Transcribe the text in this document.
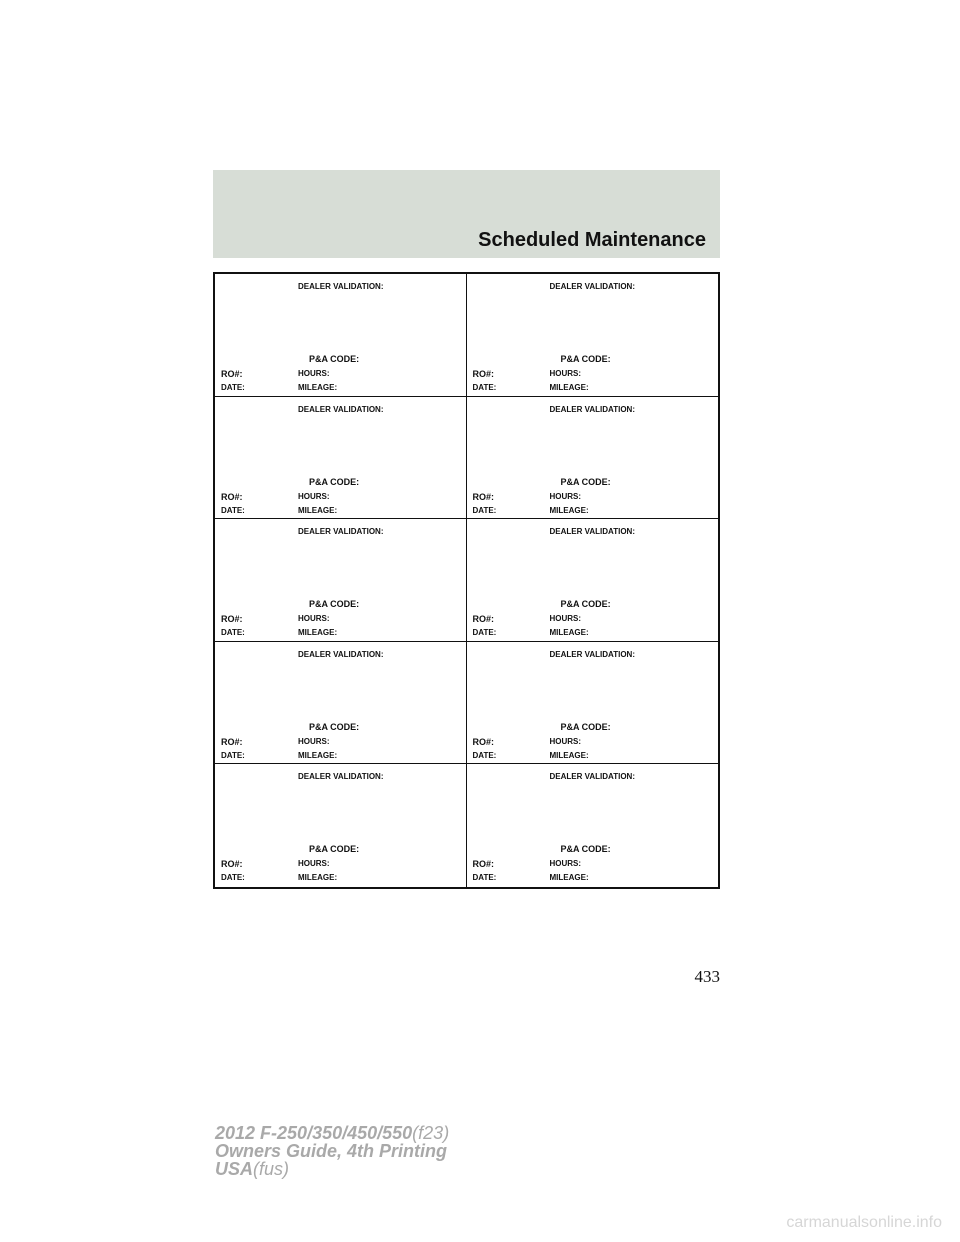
Scheduled Maintenance
DEALER VALIDATION:
P&A CODE:
RO#:	HOURS:
DATE:	MILEAGE:
DEALER VALIDATION:
P&A CODE:
RO#:	HOURS:
DATE:	MILEAGE:
DEALER VALIDATION:
P&A CODE:
RO#:	HOURS:
DATE:	MILEAGE:
DEALER VALIDATION:
P&A CODE:
RO#:	HOURS:
DATE:	MILEAGE:
DEALER VALIDATION:
P&A CODE:
RO#:	HOURS:
DATE:	MILEAGE:
DEALER VALIDATION:
P&A CODE:
RO#:	HOURS:
DATE:	MILEAGE:
DEALER VALIDATION:
P&A CODE:
RO#:	HOURS:
DATE:	MILEAGE:
DEALER VALIDATION:
P&A CODE:
RO#:	HOURS:
DATE:	MILEAGE:
DEALER VALIDATION:
P&A CODE:
RO#:	HOURS:
DATE:	MILEAGE:
DEALER VALIDATION:
P&A CODE:
RO#:	HOURS:
DATE:	MILEAGE:
433
2012 F-250/350/450/550(f23)
Owners Guide, 4th Printing
USA(fus)
carmanualsonline.info
